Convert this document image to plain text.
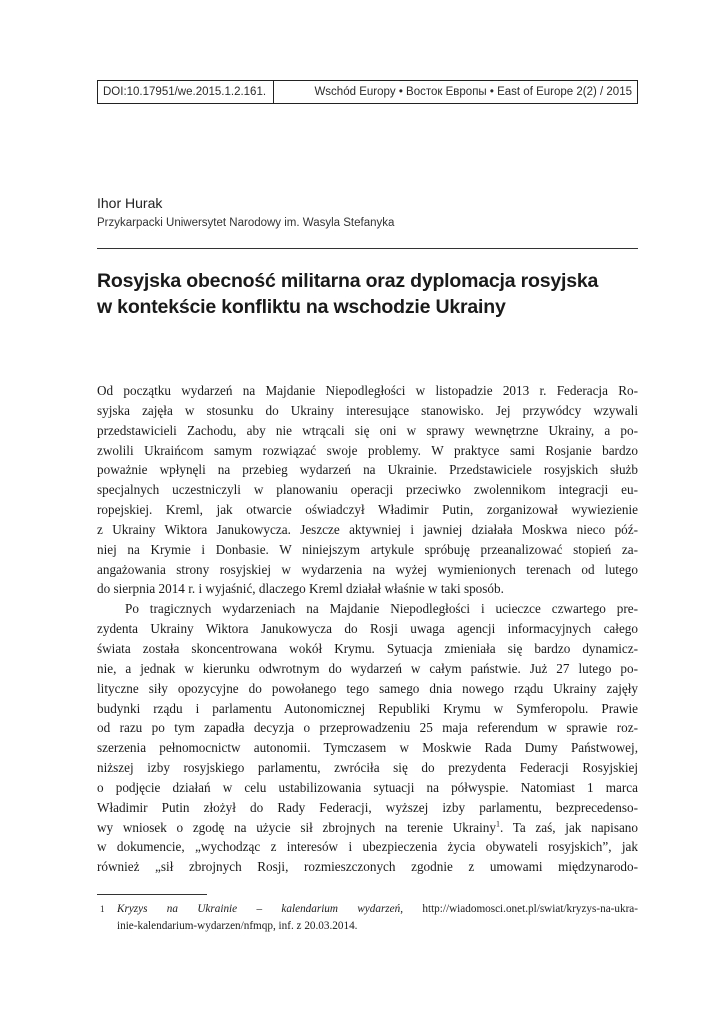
DOI:10.17951/we.2015.1.2.161.	Wschód Europy • Восток Европы • East of Europe 2(2) / 2015
Ihor Hurak
Przykarpacki Uniwersytet Narodowy im. Wasyla Stefanyka
Rosyjska obecność militarna oraz dyplomacja rosyjska
w kontekście konfliktu na wschodzie Ukrainy
Od początku wydarzeń na Majdanie Niepodległości w listopadzie 2013 r. Federacja Ro-
syjska zajęła w stosunku do Ukrainy interesujące stanowisko. Jej przywódcy wzywali
przedstawicieli Zachodu, aby nie wtrącali się oni w sprawy wewnętrzne Ukrainy, a po-
zwolili Ukraińcom samym rozwiązać swoje problemy. W praktyce sami Rosjanie bardzo
poważnie wpłynęli na przebieg wydarzeń na Ukrainie. Przedstawiciele rosyjskich służb
specjalnych uczestniczyli w planowaniu operacji przeciwko zwolennikom integracji eu-
ropejskiej. Kreml, jak otwarcie oświadczył Władimir Putin, zorganizował wywiezienie
z Ukrainy Wiktora Janukowycza. Jeszcze aktywniej i jawniej działała Moskwa nieco póź-
niej na Krymie i Donbasie. W niniejszym artykule spróbuję przeanalizować stopień za-
angażowania strony rosyjskiej w wydarzenia na wyżej wymienionych terenach od lutego
do sierpnia 2014 r. i wyjaśnić, dlaczego Kreml działał właśnie w taki sposób.
Po tragicznych wydarzeniach na Majdanie Niepodległości i ucieczce czwartego pre-
zydenta Ukrainy Wiktora Janukowycza do Rosji uwaga agencji informacyjnych całego
świata została skoncentrowana wokół Krymu. Sytuacja zmieniała się bardzo dynamicz-
nie, a jednak w kierunku odwrotnym do wydarzeń w całym państwie. Już 27 lutego po-
lityczne siły opozycyjne do powołanego tego samego dnia nowego rządu Ukrainy zajęły
budynki rządu i parlamentu Autonomicznej Republiki Krymu w Symferopolu. Prawie
od razu po tym zapadła decyzja o przeprowadzeniu 25 maja referendum w sprawie roz-
szerzenia pełnomocnictw autonomii. Tymczasem w Moskwie Rada Dumy Państwowej,
niższej izby rosyjskiego parlamentu, zwróciła się do prezydenta Federacji Rosyjskiej
o podjęcie działań w celu ustabilizowania sytuacji na półwyspie. Natomiast 1 marca
Władimir Putin złożył do Rady Federacji, wyższej izby parlamentu, bezprecedenso-
wy wniosek o zgodę na użycie sił zbrojnych na terenie Ukrainy$^1$. Ta zaś, jak napisano
w dokumencie, „wychodząc z interesów i ubezpieczenia życia obywateli rosyjskich”, jak
również „sił zbrojnych Rosji, rozmieszczonych zgodnie z umowami międzynarodo-
1 Kryzys na Ukrainie – kalendarium wydarzeń, http://wiadomosci.onet.pl/swiat/kryzys-na-ukra-
inie-kalendarium-wydarzen/nfmqp, inf. z 20.03.2014.
